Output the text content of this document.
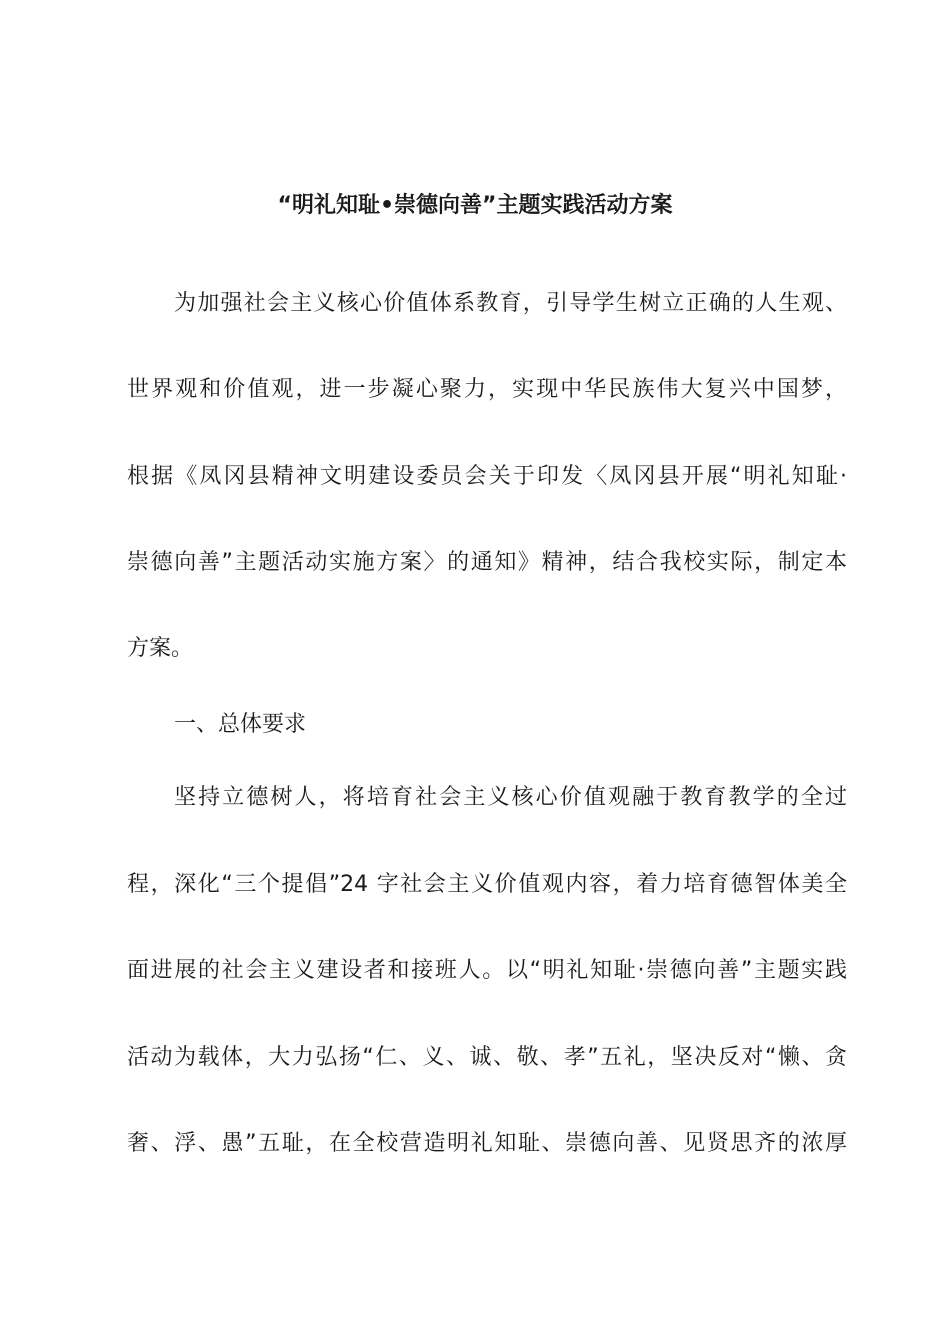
“明礼知耻•崇德向善”主题实践活动方案
为加强社会主义核心价值体系教育，引导学生树立正确的人生观、
世界观和价值观，进一步凝心聚力，实现中华民族伟大复兴中国梦，
根据《凤冈县精神文明建设委员会关于印发〈凤冈县开展“明礼知耻·
崇德向善”主题活动实施方案〉的通知》精神，结合我校实际，制定本
方案。
一、总体要求
坚持立德树人，将培育社会主义核心价值观融于教育教学的全过
程，深化“三个提倡”24 字社会主义价值观内容，着力培育德智体美全
面进展的社会主义建设者和接班人。以“明礼知耻·崇德向善”主题实践
活动为载体，大力弘扬“仁、义、诚、敬、孝”五礼，坚决反对“懒、贪
奢、浮、愚”五耻，在全校营造明礼知耻、崇德向善、见贤思齐的浓厚
